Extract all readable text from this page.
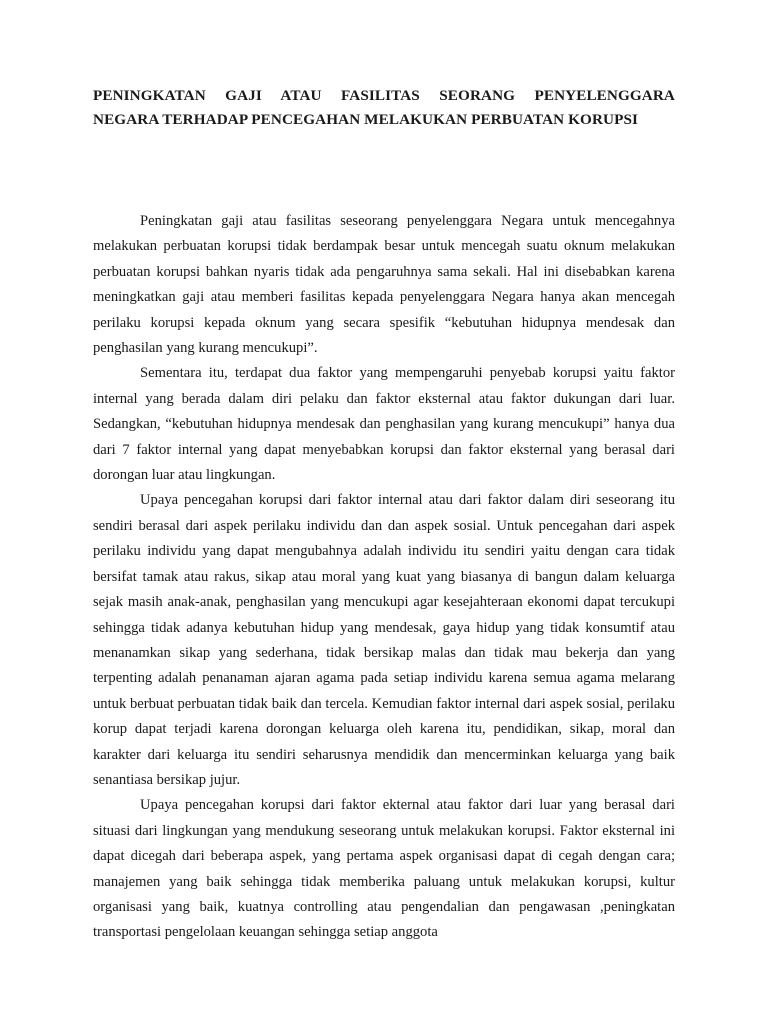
PENINGKATAN GAJI ATAU FASILITAS SEORANG PENYELENGGARA
NEGARA TERHADAP PENCEGAHAN MELAKUKAN PERBUATAN KORUPSI

Peningkatan gaji atau fasilitas seseorang penyelenggara Negara untuk mencegahnya melakukan perbuatan korupsi tidak berdampak besar untuk mencegah suatu oknum melakukan perbuatan korupsi bahkan nyaris tidak ada pengaruhnya sama sekali. Hal ini disebabkan karena meningkatkan gaji atau memberi fasilitas kepada penyelenggara Negara hanya akan mencegah perilaku korupsi kepada oknum yang secara spesifik “kebutuhan hidupnya mendesak dan penghasilan yang kurang mencukupi”.

Sementara itu, terdapat dua faktor yang mempengaruhi penyebab korupsi yaitu faktor internal yang berada dalam diri pelaku dan faktor eksternal atau faktor dukungan dari luar. Sedangkan, “kebutuhan hidupnya mendesak dan penghasilan yang kurang mencukupi” hanya dua dari 7 faktor internal yang dapat menyebabkan korupsi dan faktor eksternal yang berasal dari dorongan luar atau lingkungan.

Upaya pencegahan korupsi dari faktor internal atau dari faktor dalam diri seseorang itu sendiri berasal dari aspek perilaku individu dan dan aspek sosial. Untuk pencegahan dari aspek perilaku individu yang dapat mengubahnya adalah individu itu sendiri yaitu dengan cara tidak bersifat tamak atau rakus, sikap atau moral yang kuat yang biasanya di bangun dalam keluarga sejak masih anak-anak, penghasilan yang mencukupi agar kesejahteraan ekonomi dapat tercukupi sehingga tidak adanya kebutuhan hidup yang mendesak, gaya hidup yang tidak konsumtif atau menanamkan sikap yang sederhana, tidak bersikap malas dan tidak mau bekerja dan yang terpenting adalah penanaman ajaran agama pada setiap individu karena semua agama melarang untuk berbuat perbuatan tidak baik dan tercela. Kemudian faktor internal dari aspek sosial, perilaku korup dapat terjadi karena dorongan keluarga oleh karena itu, pendidikan, sikap, moral dan karakter dari keluarga itu sendiri seharusnya mendidik dan mencerminkan keluarga yang baik senantiasa bersikap jujur.

Upaya pencegahan korupsi dari faktor ekternal atau faktor dari luar yang berasal dari situasi dari lingkungan yang mendukung seseorang untuk melakukan korupsi. Faktor eksternal ini dapat dicegah dari beberapa aspek, yang pertama aspek organisasi dapat di cegah dengan cara; manajemen yang baik sehingga tidak memberika paluang untuk melakukan korupsi, kultur organisasi yang baik, kuatnya controlling atau pengendalian dan pengawasan ,peningkatan transportasi pengelolaan keuangan sehingga setiap anggota
